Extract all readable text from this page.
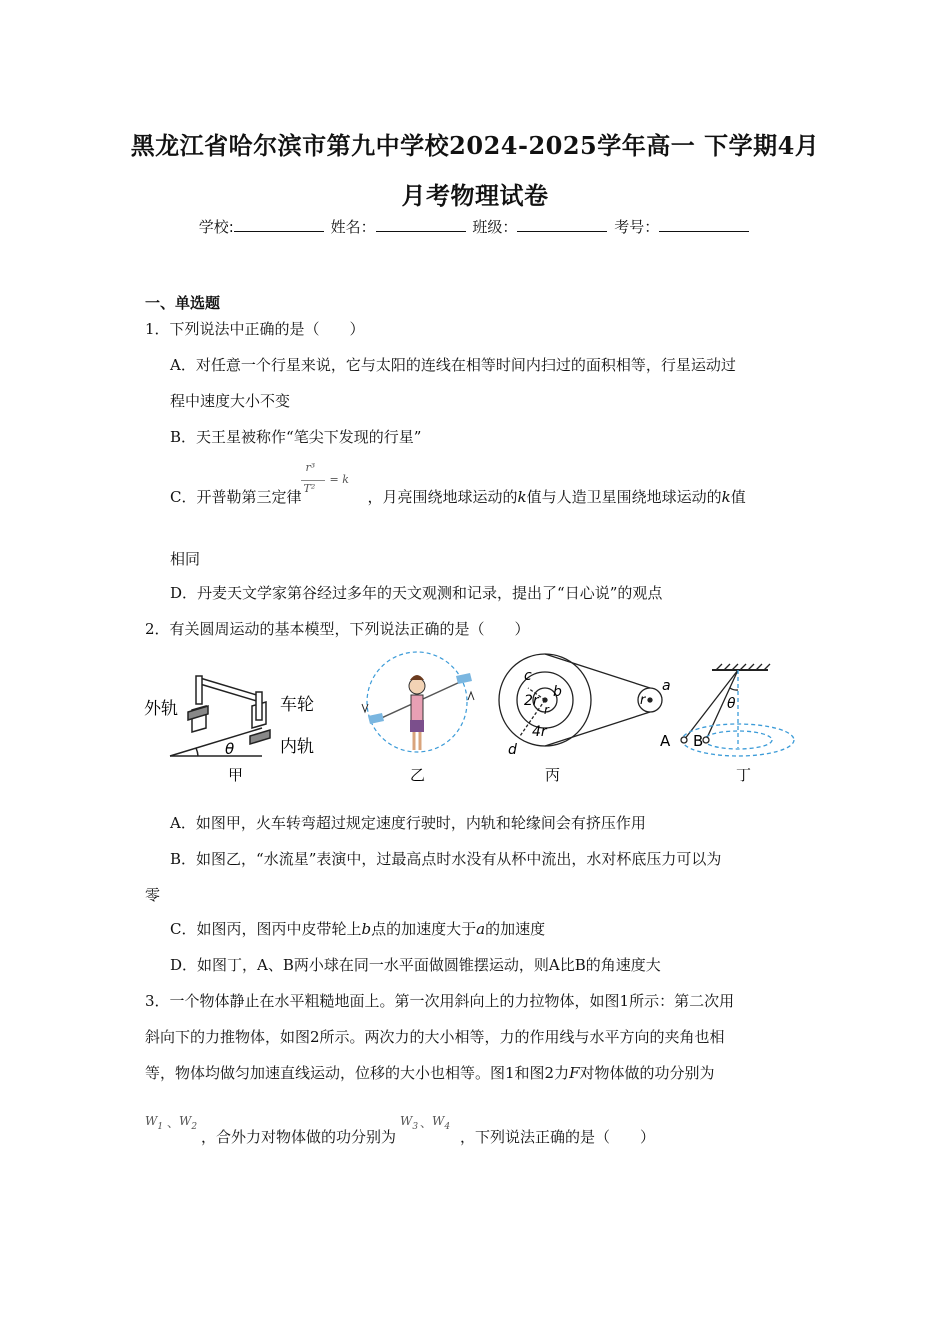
黑龙江省哈尔滨市第九中学校2024-2025学年高一 下学期4月
月考物理试卷
学校:	姓名：	班级：	考号：
一、单选题
1．下列说法中正确的是（　　）
A．对任意一个行星来说，它与太阳的连线在相等时间内扫过的面积相等，行星运动过
程中速度大小不变
B．天王星被称作“笔尖下发现的行星”
C．开普勒第三定律
r³
T²
= k
，月亮围绕地球运动的k值与人造卫星围绕地球运动的k值
相同
D．丹麦天文学家第谷经过多年的天文观测和记录，提出了“日心说”的观点
2．有关圆周运动的基本模型，下列说法正确的是（　　）
外轨	车轮
内轨
θ
甲	乙
c
b
2r
r
4r
d
r
a
丙
θ
A B
丁
A．如图甲，火车转弯超过规定速度行驶时，内轨和轮缘间会有挤压作用
B．如图乙，“水流星”表演中，过最高点时水没有从杯中流出，水对杯底压力可以为
零
C．如图丙，图丙中皮带轮上b点的加速度大于a的加速度
D．如图丁，A、B两小球在同一水平面做圆锥摆运动，则A比B的角速度大
3．一个物体静止在水平粗糙地面上。第一次用斜向上的力拉物体，如图1所示：第二次用
斜向下的力推物体，如图2所示。两次力的大小相等，力的作用线与水平方向的夹角也相
等，物体均做匀加速直线运动，位移的大小也相等。图1和图2力F对物体做的功分别为
$W_1$ 、 $W_2$
，合外力对物体做的功分别为
$W_3$ 、 $W_4$
，下列说法正确的是（　　）
